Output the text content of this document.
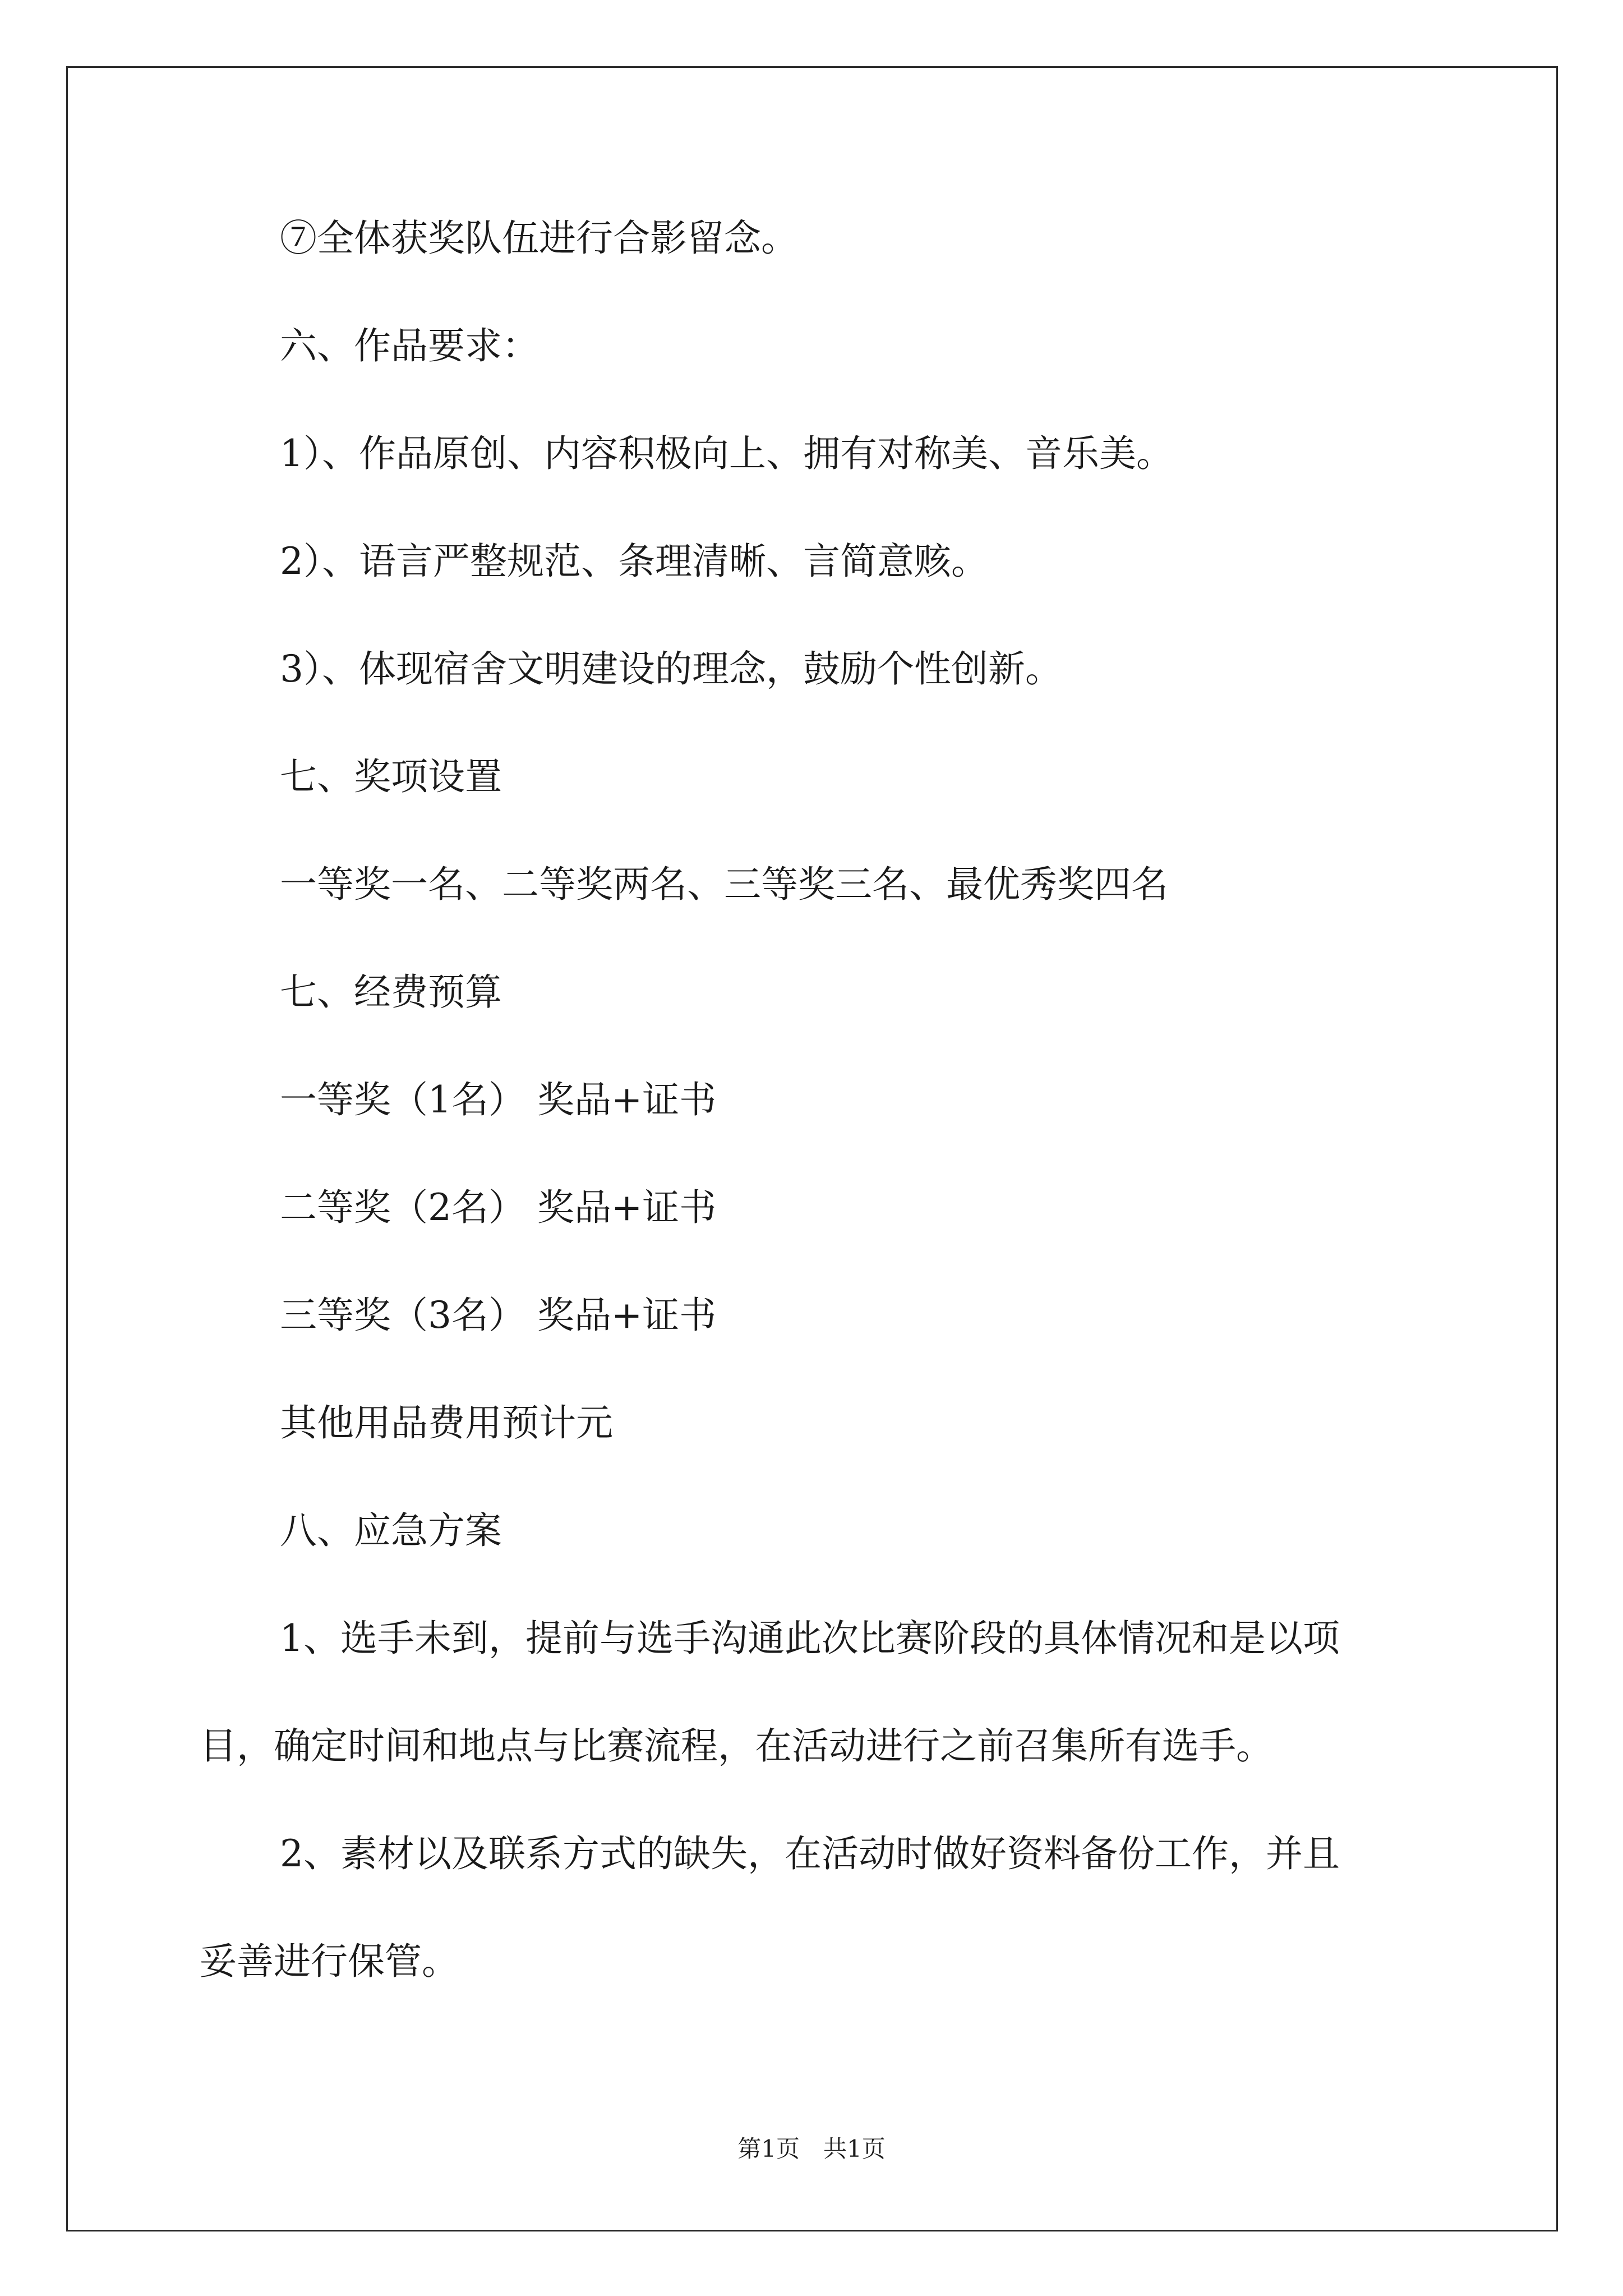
⑦全体获奖队伍进行合影留念。

六、作品要求：

1）、作品原创、内容积极向上、拥有对称美、音乐美。

2）、语言严整规范、条理清晰、言简意赅。

3）、体现宿舍文明建设的理念，鼓励个性创新。

七、奖项设置

一等奖一名、二等奖两名、三等奖三名、最优秀奖四名

七、经费预算

一等奖（1名） 奖品+证书

二等奖（2名） 奖品+证书

三等奖（3名） 奖品+证书

其他用品费用预计元

八、应急方案

1、选手未到，提前与选手沟通此次比赛阶段的具体情况和是以项

目，确定时间和地点与比赛流程，在活动进行之前召集所有选手。

2、素材以及联系方式的缺失，在活动时做好资料备份工作，并且

妥善进行保管。

第1页　共1页
